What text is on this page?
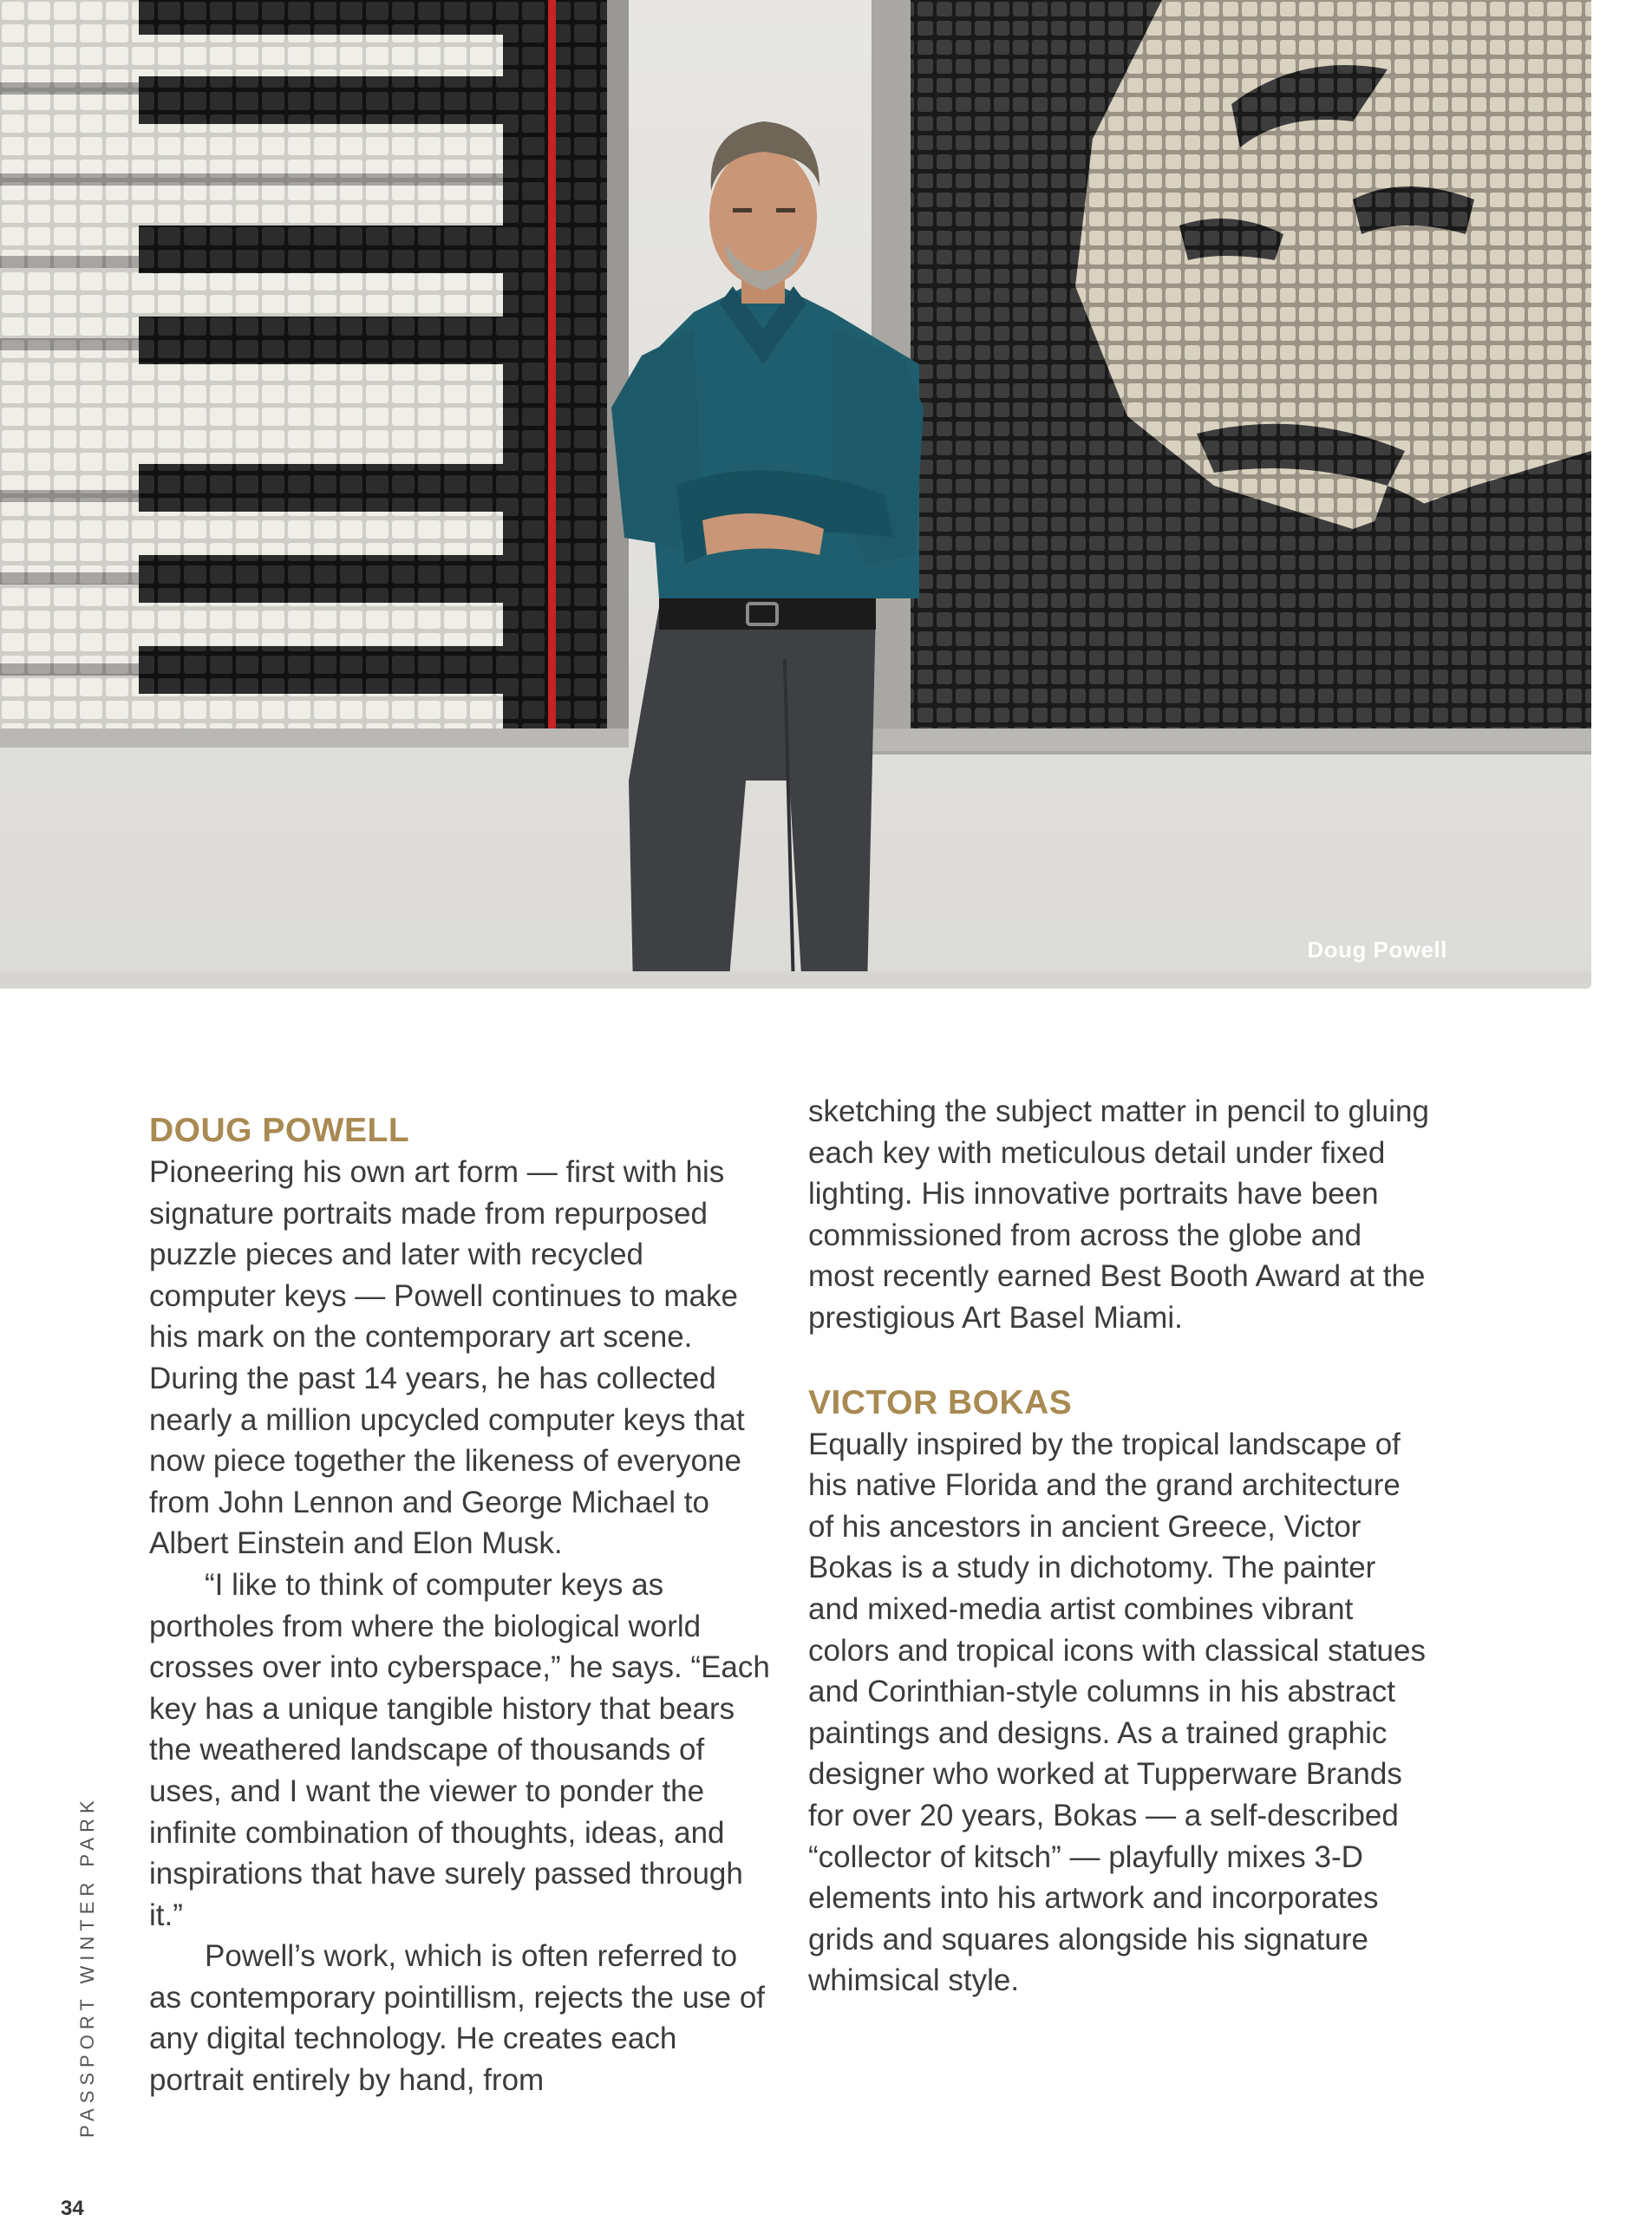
Doug Powell
DOUG POWELL

Pioneering his own art form — first with his signature portraits made from repurposed puzzle pieces and later with recycled computer keys — Powell continues to make his mark on the contemporary art scene. During the past 14 years, he has collected nearly a million upcycled computer keys that now piece together the likeness of everyone from John Lennon and George Michael to Albert Einstein and Elon Musk.

“I like to think of computer keys as portholes from where the biological world crosses over into cyberspace,” he says. “Each key has a unique tangible history that bears the weathered landscape of thousands of uses, and I want the viewer to ponder the infinite combination of thoughts, ideas, and inspirations that have surely passed through it.”

Powell’s work, which is often referred to as contemporary pointillism, rejects the use of any digital technology. He creates each portrait entirely by hand, from

sketching the subject matter in pencil to gluing each key with meticulous detail under fixed lighting. His innovative portraits have been commissioned from across the globe and most recently earned Best Booth Award at the prestigious Art Basel Miami.

VICTOR BOKAS

Equally inspired by the tropical landscape of his native Florida and the grand architecture of his ancestors in ancient Greece, Victor Bokas is a study in dichotomy. The painter and mixed-media artist combines vibrant colors and tropical icons with classical statues and Corinthian-style columns in his abstract paintings and designs. As a trained graphic designer who worked at Tupperware Brands for over 20 years, Bokas — a self-described “collector of kitsch” — playfully mixes 3-D elements into his artwork and incorporates grids and squares alongside his signature whimsical style.

PASSPORT WINTER PARK
34
